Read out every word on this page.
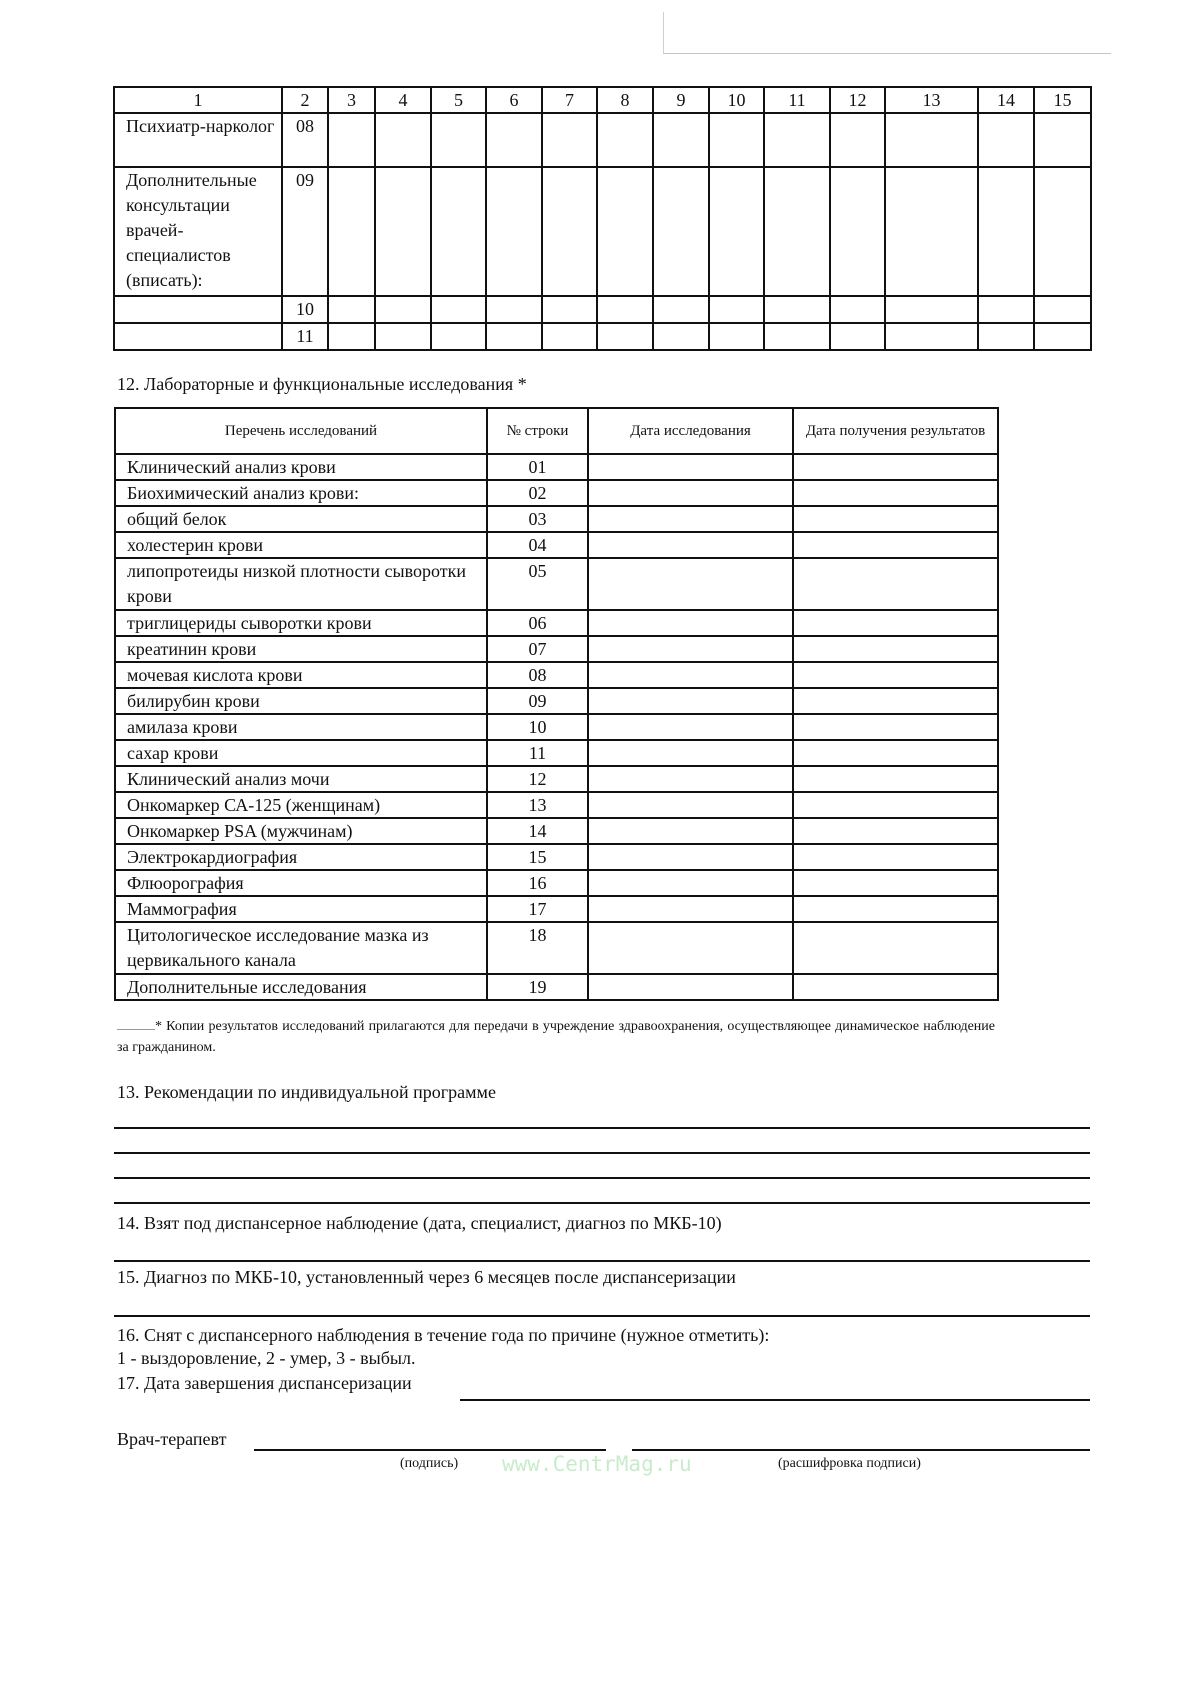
1	2	3	4	5	6	7	8	9	10	11	12	13	14	15
Психиатр-нарколог	08													
Дополнительные консультации врачей-специалистов (вписать):	09													
	10													
	11													
12. Лабораторные и функциональные исследования *
Перечень исследований	№ строки	Дата исследования	Дата получения результатов
Клинический анализ крови	01		
Биохимический анализ крови:	02		
общий белок	03		
холестерин крови	04		
липопротеиды низкой плотности сыворотки крови	05		
триглицериды сыворотки крови	06		
креатинин крови	07		
мочевая кислота крови	08		
билирубин крови	09		
амилаза крови	10		
сахар крови	11		
Клинический анализ мочи	12		
Онкомаркер СА-125 (женщинам)	13		
Онкомаркер PSA (мужчинам)	14		
Электрокардиография	15		
Флюорография	16		
Маммография	17		
Цитологическое исследование мазка из цервикального канала	18		
Дополнительные исследования	19		
* Копии результатов исследований прилагаются для передачи в учреждение здравоохранения, осуществляющее динамическое наблюдение за гражданином.
13. Рекомендации по индивидуальной программе
14. Взят под диспансерное наблюдение (дата, специалист, диагноз по МКБ-10)
15. Диагноз по МКБ-10, установленный через 6 месяцев после диспансеризации
16. Снят с диспансерного наблюдения в течение года по причине (нужное отметить):
1 - выздоровление, 2 - умер, 3 - выбыл.
17. Дата завершения диспансеризации
Врач-терапевт
(подпись)	(расшифровка подписи)
www.CentrMag.ru
